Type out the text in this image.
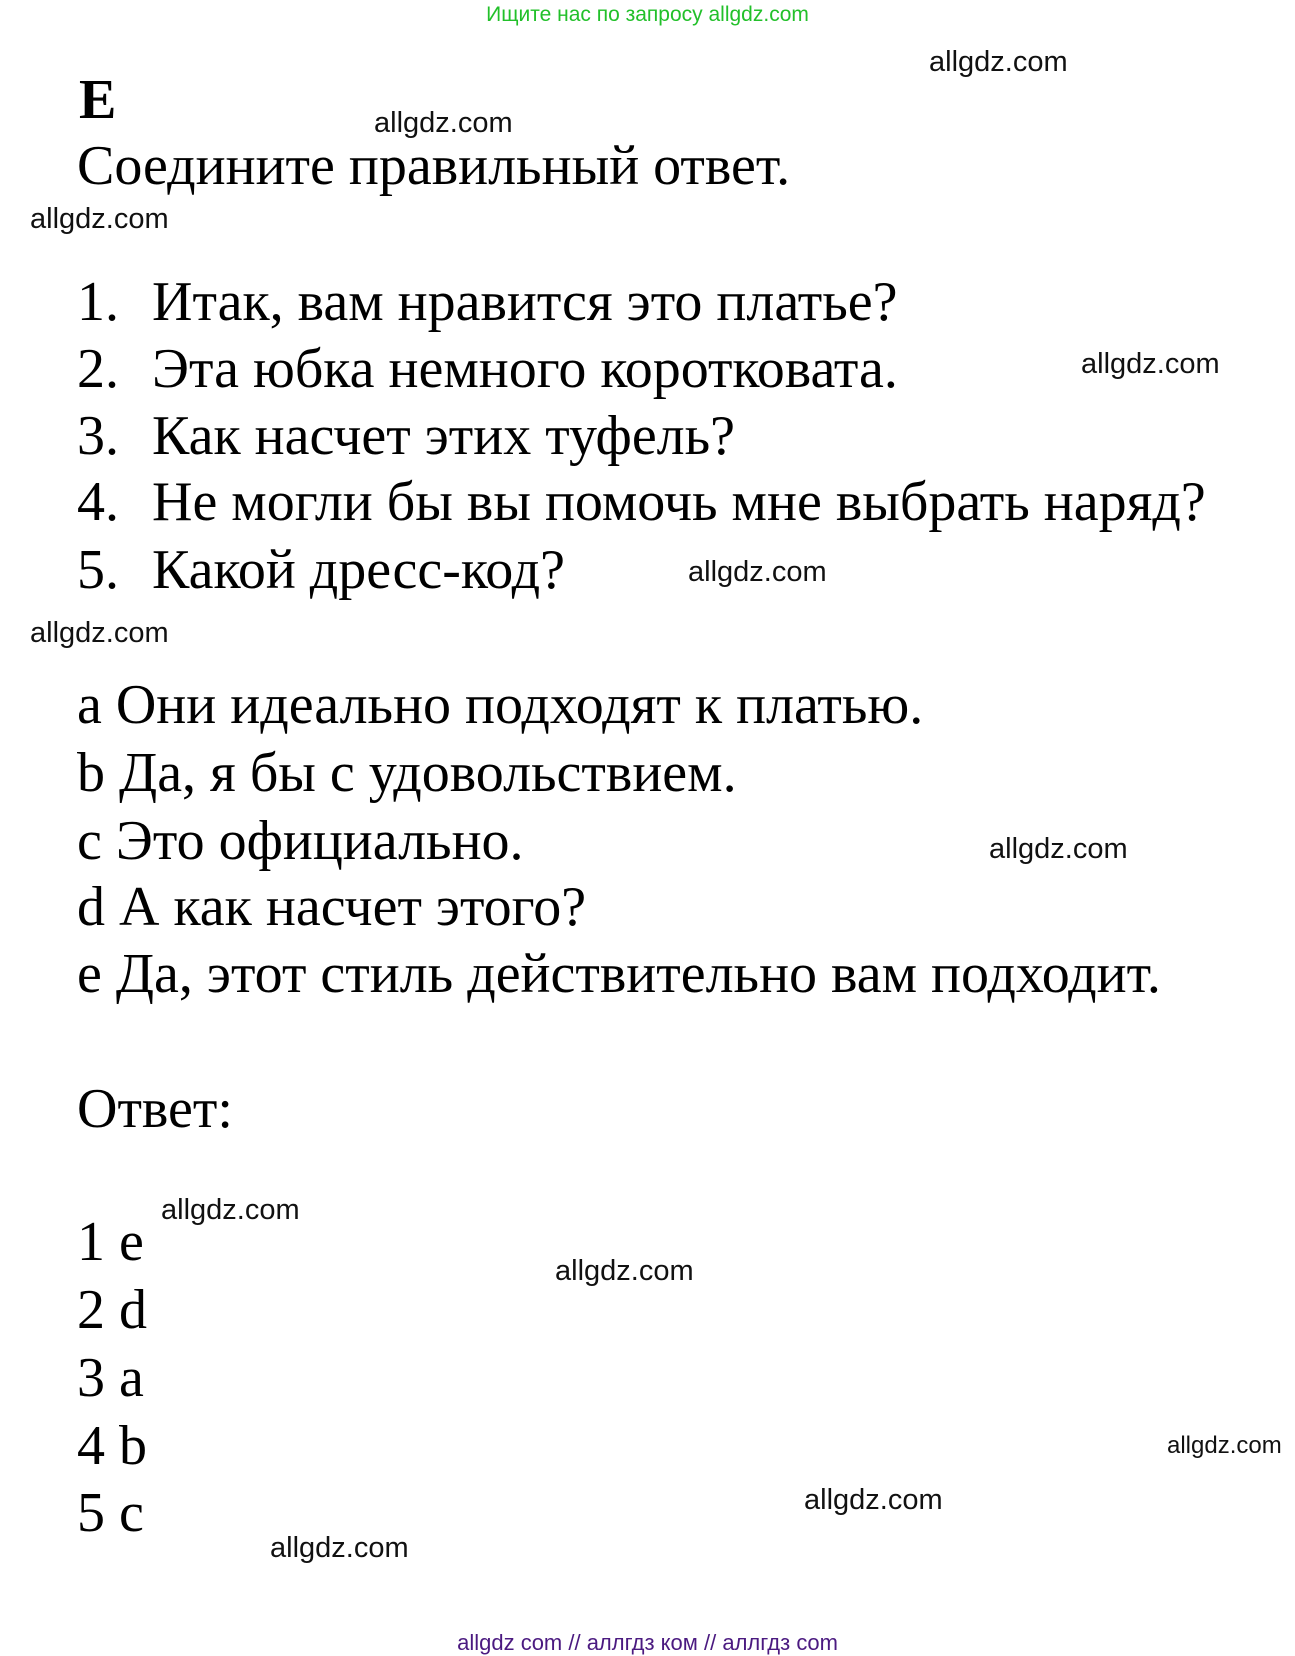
Ищите нас по запросу allgdz.com
E
Соедините правильный ответ.
1. Итак, вам нравится это платье?
2. Эта юбка немного коротковата.
3. Как насчет этих туфель?
4. Не могли бы вы помочь мне выбрать наряд?
5. Какой дресс-код?
a Они идеально подходят к платью.
b Да, я бы с удовольствием.
c Это официально.
d А как насчет этого?
e Да, этот стиль действительно вам подходит.
Ответ:
1 e
2 d
3 a
4 b
5 c
allgdz.com
allgdz.com
allgdz.com
allgdz.com
allgdz.com
allgdz.com
allgdz.com
allgdz.com
allgdz.com
allgdz.com
allgdz.com
allgdz.com
allgdz com // аллгдз ком // аллгдз com
